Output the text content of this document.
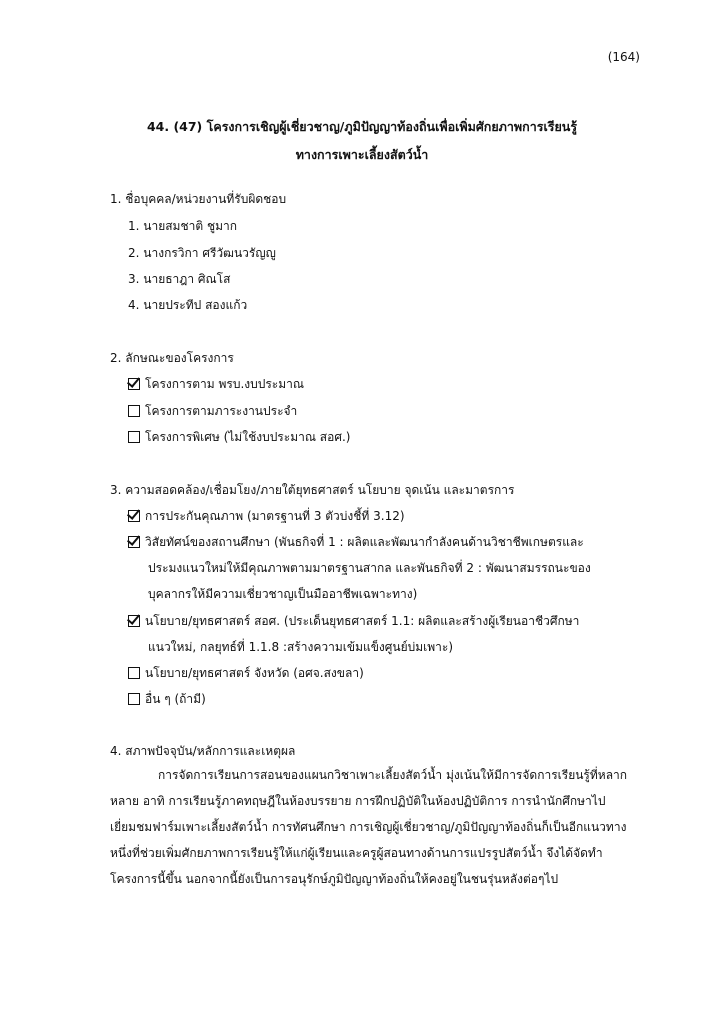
(164)
44. (47) โครงการเชิญผู้เชี่ยวชาญ/ภูมิปัญญาท้องถิ่นเพื่อเพิ่มศักยภาพการเรียนรู้
ทางการเพาะเลี้ยงสัตว์น้ำ
1. ชื่อบุคคล/หน่วยงานที่รับผิดชอบ
1. นายสมชาติ ชูมาก
2. นางกรวิกา ศรีวัฒนวรัญญู
3. นายธาฎา ศิณโส
4. นายประทีป สองแก้ว
2. ลักษณะของโครงการ
โครงการตาม พรบ.งบประมาณ
โครงการตามภาระงานประจำ
โครงการพิเศษ (ไม่ใช้งบประมาณ สอศ.)
3. ความสอดคล้อง/เชื่อมโยง/ภายใต้ยุทธศาสตร์ นโยบาย จุดเน้น และมาตรการ
การประกันคุณภาพ (มาตรฐานที่ 3 ตัวบ่งชี้ที่ 3.12)
วิสัยทัศน์ของสถานศึกษา (พันธกิจที่ 1 : ผลิตและพัฒนากำลังคนด้านวิชาชีพเกษตรและ
ประมงแนวใหม่ให้มีคุณภาพตามมาตรฐานสากล และพันธกิจที่ 2 : พัฒนาสมรรถนะของ
บุคลากรให้มีความเชี่ยวชาญเป็นมืออาชีพเฉพาะทาง)
นโยบาย/ยุทธศาสตร์ สอศ. (ประเด็นยุทธศาสตร์ 1.1: ผลิตและสร้างผู้เรียนอาชีวศึกษา
แนวใหม่, กลยุทธ์ที่ 1.1.8 :สร้างความเข้มแข็งศูนย์บ่มเพาะ)
นโยบาย/ยุทธศาสตร์ จังหวัด (อศจ.สงขลา)
อื่น ๆ (ถ้ามี)
4. สภาพปัจจุบัน/หลักการและเหตุผล

การจัดการเรียนการสอนของแผนกวิชาเพาะเลี้ยงสัตว์น้ำ มุ่งเน้นให้มีการจัดการเรียนรู้ที่หลากหลาย อาทิ การเรียนรู้ภาคทฤษฎีในห้องบรรยาย การฝึกปฏิบัติในห้องปฏิบัติการ การนำนักศึกษาไปเยี่ยมชมฟาร์มเพาะเลี้ยงสัตว์น้ำ การทัศนศึกษา การเชิญผู้เชี่ยวชาญ/ภูมิปัญญาท้องถิ่นก็เป็นอีกแนวทางหนึ่งที่ช่วยเพิ่มศักยภาพการเรียนรู้ให้แก่ผู้เรียนและครูผู้สอนทางด้านการแปรรูปสัตว์น้ำ จึงได้จัดทำโครงการนี้ขึ้น นอกจากนี้ยังเป็นการอนุรักษ์ภูมิปัญญาท้องถิ่นให้คงอยู่ในชนรุ่นหลังต่อๆไป
